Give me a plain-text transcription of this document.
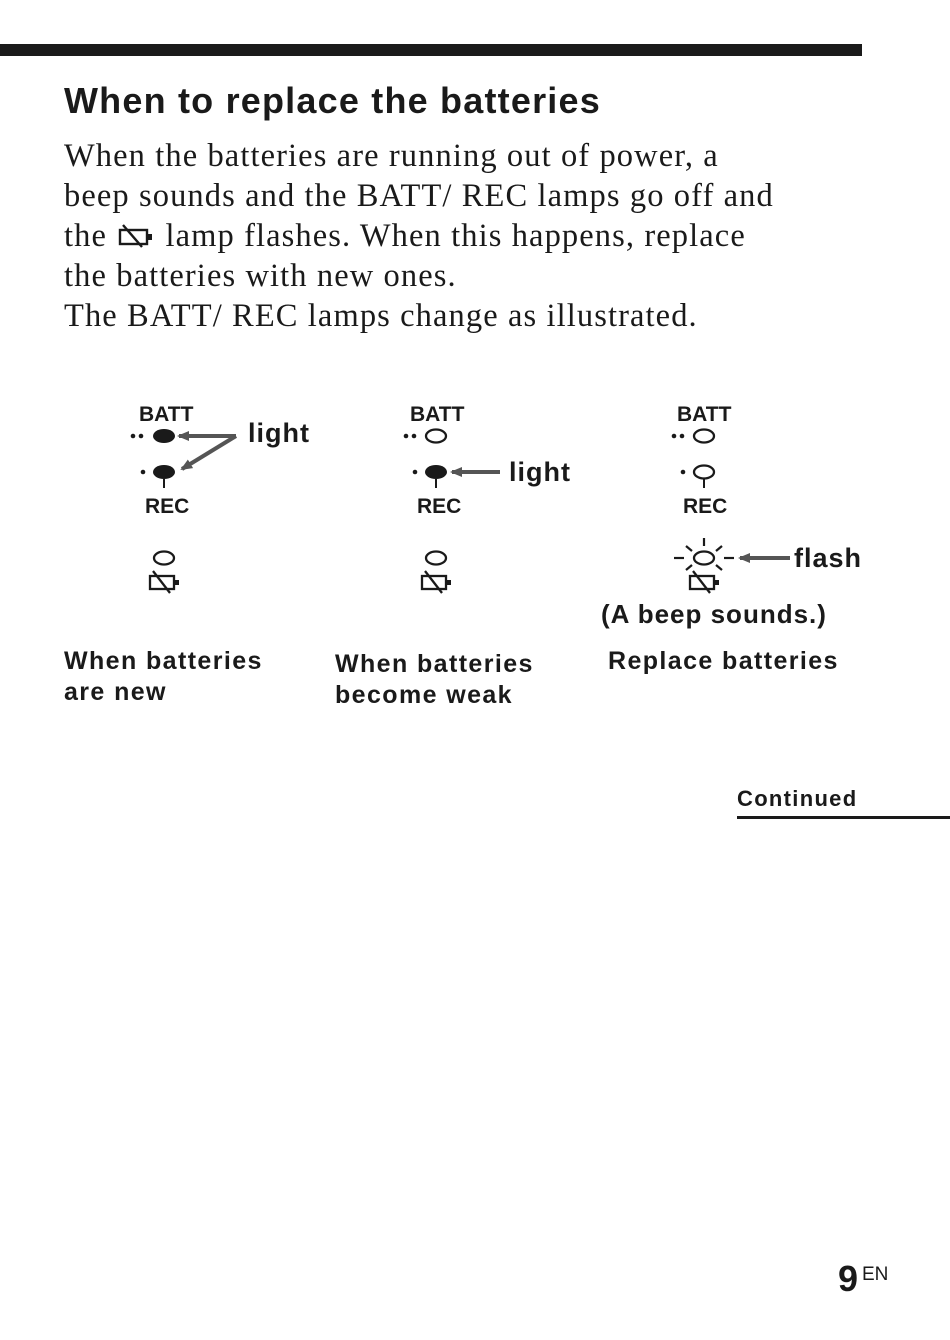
When to replace the batteries

When the batteries are running out of power, a

beep sounds and the BATT/ REC lamps go off and

the lamp flashes. When this happens, replace

the batteries with new ones.

The BATT/ REC lamps change as illustrated.

BATT
REC
light
BATT
REC
light
BATT
REC
flash
(A beep sounds.)

When batteries
are new

When batteries
become weak

Replace batteries

Continued
9 EN
